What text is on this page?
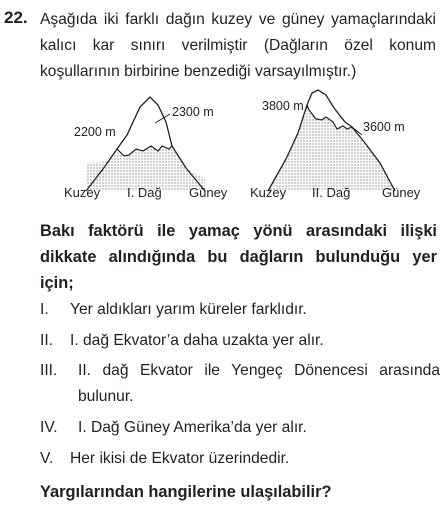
22. Aşağıda iki farklı dağın kuzey ve güney yamaçlarındaki kalıcı kar sınırı verilmiştir (Dağların özel konum koşullarının birbirine benzediği varsayılmıştır.)

2200 m
2300 m
Kuzey I. Dağ Güney
3800 m
3600 m
Kuzey II. Dağ Güney

Bakı faktörü ile yamaç yönü arasındaki ilişki dikkate alındığında bu dağların bulunduğu yer için;

I. Yer aldıkları yarım küreler farklıdır.
II. I. dağ Ekvator’a daha uzakta yer alır.
III. II. dağ Ekvator ile Yengeç Dönencesi arasında bulunur.
IV. I. Dağ Güney Amerika’da yer alır.
V. Her ikisi de Ekvator üzerindedir.

Yargılarından hangilerine ulaşılabilir?
